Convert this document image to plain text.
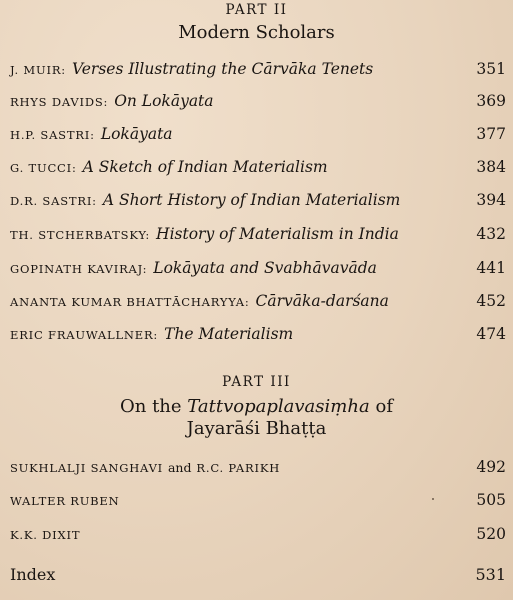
PART II
Modern Scholars
J. MUIR: Verses Illustrating the Cārvāka Tenets	351
RHYS DAVIDS: On Lokāyata	369
H.P. SASTRI: Lokāyata	377
G. TUCCI: A Sketch of Indian Materialism	384
D.R. SASTRI: A Short History of Indian Materialism	394
TH. STCHERBATSKY: History of Materialism in India	432
GOPINATH KAVIRAJ: Lokāyata and Svabhāvavāda	441
ANANTA KUMAR BHATTĀCHARYYA: Cārvāka-darśana	452
ERIC FRAUWALLNER: The Materialism	474
PART III
On the Tattvopaplavasiṃha of
Jayarāśi Bhaṭṭa
SUKHLALJI SANGHAVI and R.C. PARIKH	492
WALTER RUBEN	505
K.K. DIXIT	520
Index	531
